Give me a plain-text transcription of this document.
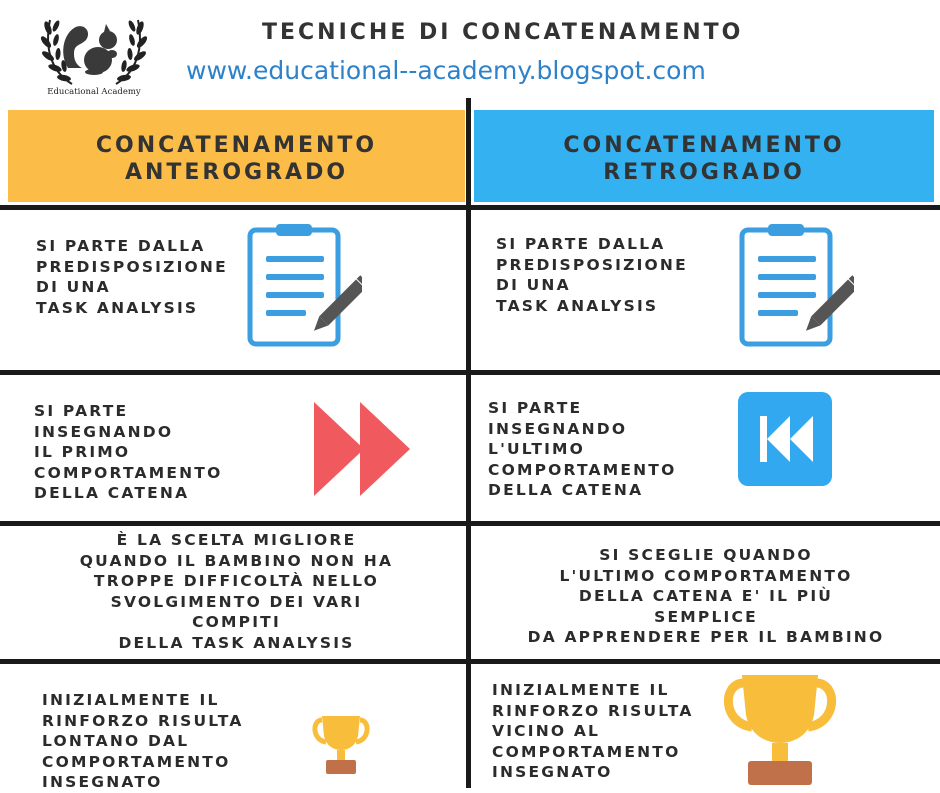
Educational Academy
TECNICHE DI CONCATENAMENTO
www.educational--academy.blogspot.com
CONCATENAMENTO
ANTEROGRADO
CONCATENAMENTO
RETROGRADO
SI PARTE DALLA
PREDISPOSIZIONE
DI UNA
TASK ANALYSIS
SI PARTE DALLA
PREDISPOSIZIONE
DI UNA
TASK ANALYSIS
SI PARTE
INSEGNANDO
IL PRIMO
COMPORTAMENTO
DELLA CATENA
SI PARTE
INSEGNANDO
L'ULTIMO
COMPORTAMENTO
DELLA CATENA
È LA SCELTA MIGLIORE
QUANDO IL BAMBINO NON HA
TROPPE DIFFICOLTÀ NELLO
SVOLGIMENTO DEI VARI
COMPITI
DELLA TASK ANALYSIS
SI SCEGLIE QUANDO
L'ULTIMO COMPORTAMENTO
DELLA CATENA E' IL PIÙ
SEMPLICE
DA APPRENDERE PER IL BAMBINO
INIZIALMENTE IL
RINFORZO RISULTA
LONTANO DAL
COMPORTAMENTO
INSEGNATO
INIZIALMENTE IL
RINFORZO RISULTA
VICINO AL
COMPORTAMENTO
INSEGNATO
